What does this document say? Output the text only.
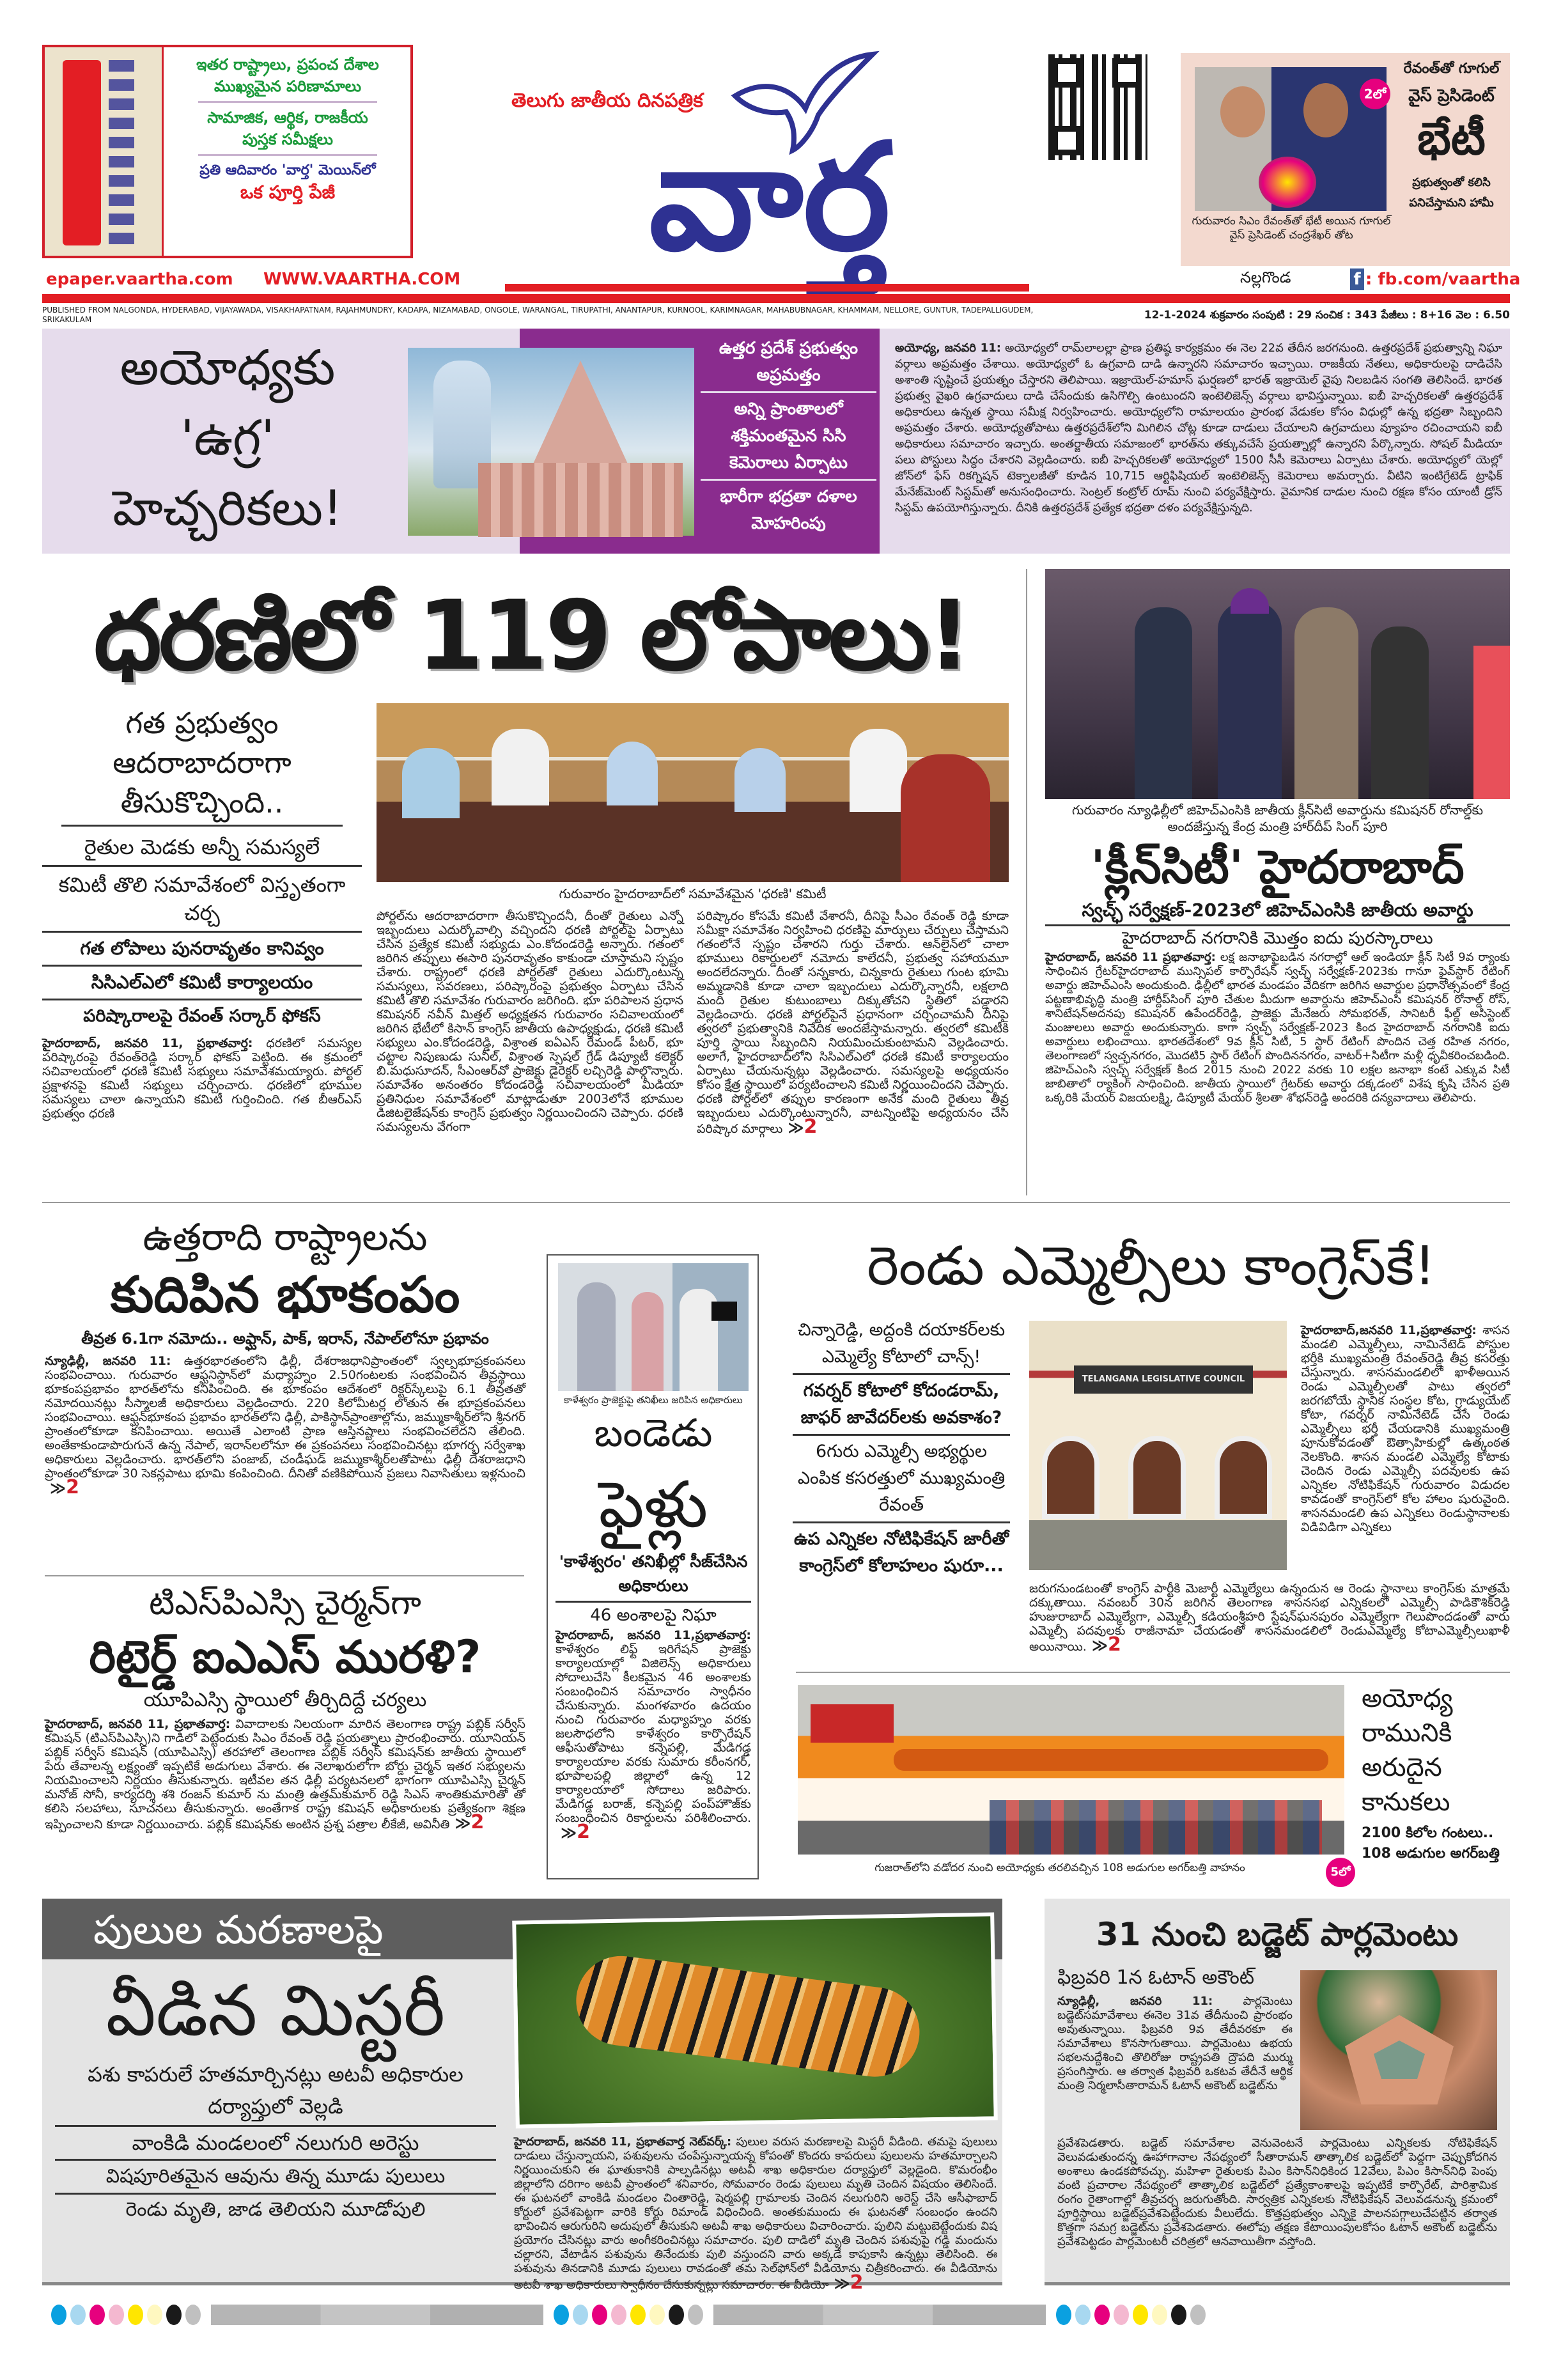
ఇతర రాష్ట్రాలు, ప్రపంచ దేశాల
ముఖ్యమైన పరిణామాలు
సామాజిక, ఆర్థిక, రాజకీయ
పుస్తక సమీక్షలు
ప్రతి ఆదివారం 'వార్త' మెయిన్‌లో
ఒక పూర్తి పేజీ
తెలుగు జాతీయ దినపత్రిక
వార్త
2లో
గురువారం సిఎం రేవంత్‌తో భేటీ అయిన గూగుల్ వైస్ ప్రెసిడెంట్ చంద్రశేఖర్ తోట
రేవంత్‌తో గూగుల్
వైస్ ప్రెసిడెంట్
భేటీ
ప్రభుత్వంతో కలిసి
పనిచేస్తామని హామీ
epaper.vaartha.com WWW.VAARTHA.COM	నల్లగొండ	f : fb.com/vaartha
PUBLISHED FROM NALGONDA, HYDERABAD, VIJAYAWADA, VISAKHAPATNAM, RAJAHMUNDRY, KADAPA, NIZAMABAD, ONGOLE, WARANGAL, TIRUPATHI, ANANTAPUR, KURNOOL, KARIMNAGAR, MAHABUBNAGAR, KHAMMAM, NELLORE, GUNTUR, TADEPALLIGUDEM, SRIKAKULAM	12-1-2024 శుక్రవారం సంపుటి : 29 సంచిక : 343 పేజీలు : 8+16 వెల : 6.50
అయోధ్యకు
'ఉగ్ర'
హెచ్చరికలు!
ఉత్తర ప్రదేశ్ ప్రభుత్వం అప్రమత్తం
అన్ని ప్రాంతాలలో శక్తిమంతమైన సిసి కెమెరాలు ఏర్పాటు
భారీగా భద్రతా దళాల మోహరింపు
అయోధ్య, జనవరి 11: అయోధ్యలో రామ్‌లాలల్లా ప్రాణ ప్రతిష్ఠ కార్యక్రమం ఈ నెల 22వ తేదీన జరగనుంది. ఉత్తరప్రదేశ్ ప్రభుత్వాన్ని నిఘా వర్గాలు అప్రమత్తం చేశాయి. అయోధ్యలో ఓ ఉగ్రవాది దాడి ఉన్నారని సమాచారం ఇచ్చాయి. రాజకీయ నేతలు, అధికారులపై దాడిచేసి అశాంతి సృష్టించే ప్రయత్నం చేస్తారని తెలిపాయి. ఇజ్రాయెల్-హమాస్ ఘర్షణలో భారత్ ఇజ్రాయెల్ వైపు నిలబడిన సంగతి తెలిసిందే. భారత ప్రభుత్వ వైఖరి ఉగ్రవాదులు దాడి చేసేందుకు ఉసిగొల్పి ఉంటుందని ఇంటెలిజెన్స్ వర్గాలు భావిస్తున్నాయి. ఐబీ హెచ్చరికలతో ఉత్తరప్రదేశ్ అధికారులు ఉన్నత స్థాయి సమీక్ష నిర్వహించారు. అయోధ్యలోని రామాలయం ప్రారంభ వేడుకల కోసం విధుల్లో ఉన్న భద్రతా సిబ్బందిని అప్రమత్తం చేశారు. అయోధ్యతోపాటు ఉత్తరప్రదేశ్‌లోని మిగిలిన చోట్ల కూడా దాడులు చేయాలని ఉగ్రవాదులు వ్యూహం రచించాయని ఐబీ అధికారులు సమాచారం ఇచ్చారు. అంతర్జాతీయ సమాజంలో భారత్‌ను తక్కువచేసే ప్రయత్నాల్లో ఉన్నారని పేర్కొన్నారు. సోషల్ మీడియా పలు పోస్టులు సిద్ధం చేశారని వెల్లడించారు. ఐబీ హెచ్చరికలతో అయోధ్యలో 1500 సీసీ కెమెరాలు ఏర్పాటు చేశారు. అయోధ్యలో యెల్లో జోన్‌లో ఫేస్ రికగ్నిషన్ టెక్నాలజీతో కూడిన 10,715 ఆర్టిఫిషియల్ ఇంటెలిజెన్స్ కెమెరాలు అమర్చారు. వీటిని ఇంటిగ్రేటెడ్ ట్రాఫిక్ మేనేజ్‌మెంట్ సిస్టమ్‌తో అనుసంధించారు. సెంట్రల్ కంట్రోల్ రూమ్ నుంచి పర్యవేక్షిస్తారు. వైమానిక దాడుల నుంచి రక్షణ కోసం యాంటీ డ్రోన్ సిస్టమ్ ఉపయోగిస్తున్నారు. దీనికి ఉత్తరప్రదేశ్ ప్రత్యేక భద్రతా దళం పర్యవేక్షిస్తున్నది.
ధరణిలో 119 లోపాలు!
గత ప్రభుత్వం ఆదరాబాదరాగా తీసుకొచ్చింది..
రైతుల మెడకు అన్నీ సమస్యలే
కమిటీ తొలి సమావేశంలో విస్తృతంగా చర్చ
గత లోపాలు పునరావృతం కానివ్వం
సిసిఎల్‌ఎలో కమిటీ కార్యాలయం
పరిష్కారాలపై రేవంత్ సర్కార్ ఫోకస్
హైదరాబాద్, జనవరి 11, ప్రభాతవార్త: ధరణిలో సమస్యల పరిష్కారంపై రేవంత్‌రెడ్డి సర్కార్ ఫోకస్ పెట్టింది. ఈ క్రమంలో సచివాలయంలో ధరణి కమిటీ సభ్యులు సమావేశమయ్యారు. పోర్టల్ ప్రక్షాళనపై కమిటీ సభ్యులు చర్చించారు. ధరణిలో భూముల సమస్యలు చాలా ఉన్నాయని కమిటీ గుర్తించింది. గత బీఆర్ఎస్ ప్రభుత్వం ధరణి
గురువారం హైదరాబాద్‌లో సమావేశమైన 'ధరణి' కమిటీ
పోర్టల్‌ను ఆదరాబాదరాగా తీసుకొచ్చిందనీ, దీంతో రైతులు ఎన్నో ఇబ్బందులు ఎదుర్కోవాల్సి వచ్చిందని ధరణి పోర్టల్‌పై ఏర్పాటు చేసిన ప్రత్యేక కమిటీ సభ్యుడు ఎం.కోదండరెడ్డి అన్నారు. గతంలో జరిగిన తప్పులు ఈసారి పునరావృతం కాకుండా చూస్తామని స్పష్టం చేశారు. రాష్ట్రంలో ధరణి పోర్టల్‌తో రైతులు ఎదుర్కొంటున్న సమస్యలు, సవరణలు, పరిష్కారంపై ప్రభుత్వం ఏర్పాటు చేసిన కమిటీ తొలి సమావేశం గురువారం జరిగింది. భూ పరిపాలన ప్రధాన కమిషనర్ నవీన్ మిత్తల్ అధ్యక్షతన గురువారం సచివాలయంలో జరిగిన భేటీలో కిసాన్ కాంగ్రెస్ జాతీయ ఉపాధ్యక్షుడు, ధరణి కమిటీ సభ్యులు ఎం.కోదండరెడ్డి, విశ్రాంత ఐఏఎస్ రేమండ్ పీటర్, భూ చట్టాల నిపుణుడు సునీల్, విశ్రాంత స్పెషల్ గ్రేడ్ డిప్యూటీ కలెక్టర్ బి.మధుసూదన్, సీఎంఆర్‌వో ప్రాజెక్టు డైరెక్టర్ లచ్చిరెడ్డి పాల్గొన్నారు. సమావేశం అనంతరం కోదండరెడ్డి సచివాలయంలో మీడియా ప్రతినిధుల సమావేశంలో మాట్లాడుతూ 2003లోనే భూముల డిజిటలైజేషన్‌కు కాంగ్రెస్ ప్రభుత్వం నిర్ణయించిందని చెప్పారు. ధరణి సమస్యలను వేగంగా
పరిష్కారం కోసమే కమిటీ వేశారనీ, దీనిపై సీఎం రేవంత్ రెడ్డి కూడా సమీక్షా సమావేశం నిర్వహించి ధరణిపై మార్పులు చేర్పులు చేస్తామని గతంలోనే స్పష్టం చేశారని గుర్తు చేశారు. ఆన్‌లైన్‌లో చాలా భూములు రికార్డులలో నమోదు కాలేదనీ, ప్రభుత్వ సహాయమూ అందలేదన్నారు. దీంతో సన్నకారు, చిన్నకారు రైతులు గుంట భూమి అమ్మడానికి కూడా చాలా ఇబ్బందులు ఎదుర్కొన్నారనీ, లక్షలాది మంది రైతుల కుటుంబాలు దిక్కుతోచని స్థితిలో పడ్డారని వెల్లడించారు. ధరణి పోర్టల్‌పైనే ప్రధానంగా చర్చించామనీ దీనిపై త్వరలో ప్రభుత్వానికి నివేదిక అందజేస్తామన్నారు. త్వరలో కమిటీకి పూర్తి స్థాయి సిబ్బందిని నియమించుకుంటామని వెల్లడించారు. అలాగే, హైదరాబాద్‌లోని సిసిఎల్‌ఎలో ధరణి కమిటీ కార్యాలయం ఏర్పాటు చేయనున్నట్లు వెల్లడించారు. సమస్యలపై అధ్యయనం కోసం క్షేత్ర స్థాయిలో పర్యటించాలని కమిటీ నిర్ణయించిందని చెప్పారు. ధరణి పోర్టల్‌లో తప్పుల కారణంగా అనేక మంది రైతులు తీవ్ర ఇబ్బందులు ఎదుర్కొంటున్నారనీ, వాటన్నింటిపై అధ్యయనం చేసి పరిష్కార మార్గాలు ≫2
గురువారం న్యూఢిల్లీలో జిహెచ్‌ఎంసికి జాతీయ క్లీన్‌సిటీ అవార్డును కమిషనర్ రోనాల్డ్‌కు అందజేస్తున్న కేంద్ర మంత్రి హార్‌దీప్ సింగ్ పూరి
'క్లీన్‌సిటీ' హైదరాబాద్
స్వచ్ఛ్ సర్వేక్షణ్-2023లో జిహెచ్‌ఎంసికి జాతీయ అవార్డు
హైదరాబాద్ నగరానికి మొత్తం ఐదు పురస్కారాలు
హైదరాబాద్, జనవరి 11 ప్రభాతవార్త: లక్ష జనాభాపైబడిన నగరాల్లో ఆల్ ఇండియా క్లీన్ సిటీ 9వ ర్యాంకు సాధించిన గ్రేటర్‌హైదరాబాద్ మున్సిపల్ కార్పొరేషన్ స్వచ్ఛ్ సర్వేక్షణ్-2023కు గానూ ఫైవ్‌స్టార్ రేటింగ్ అవార్డు జిహెచ్‌ఎంసి అందుకుంది. ఢిల్లీలో భారత మండపం వేదికగా జరిగిన అవార్డుల ప్రధానోత్సవంలో కేంద్ర పట్టణాభివృద్ధి మంత్రి హార్దీప్‌సింగ్ పూరి చేతుల మీదుగా అవార్డును జిహెచ్‌ఎంసి కమిషనర్ రోనాల్డ్ రోస్, శానిటేషన్‌అదనపు కమిషనర్ ఉపేందర్‌రెడ్డి, ప్రాజెక్టు మేనేజరు సోమభరత్, సానిటరీ ఫీల్డ్ అసిస్టెంట్ మంజులలు అవార్డు అందుకున్నారు. కాగా స్వచ్ఛ్ సర్వేక్షణ్-2023 కింద హైదరాబాద్ నగరానికి ఐదు అవార్డులు లభించాయి. భారతదేశంలో 9వ క్లీన్ సిటీ, 5 స్టార్ రేటింగ్ పొందిన చెత్త రహిత నగరం, తెలంగాణలో స్వచ్ఛనగరం, మొదటి5 స్టార్ రేటింగ్ పొందిననగరం, వాటర్+సిటీగా మళ్లీ ధృవీకరించబడింది. జిహెచ్‌ఎంసి స్వచ్ఛ్ సర్వేక్షణ్ కింద 2015 నుంచి 2022 వరకు 10 లక్షల జనాభా కంటే ఎక్కువ సిటీ జాబితాలో ర్యాకింగ్ సాధించింది. జాతీయ స్థాయిలో గ్రేటర్‌కు అవార్డు దక్కడంలో విశేష కృషి చేసిన ప్రతి ఒక్కరికి మేయర్ విజయలక్ష్మి, డిప్యూటీ మేయర్ శ్రీలతా శోభన్‌రెడ్డి అందరికి దన్యవాదాలు తెలిపారు.
ఉత్తరాది రాష్ట్రాలను
కుదిపిన భూకంపం
తీవ్రత 6.1గా నమోదు.. అఫ్ఘాన్, పాక్, ఇరాన్, నేపాల్‌లోనూ ప్రభావం
న్యూఢిల్లీ, జనవరి 11: ఉత్తరభారతంలోని ఢిల్లీ, దేశరాజధానిప్రాంతంలో స్వల్పభూప్రకంపనలు సంభవించాయి. గురువారం ఆఫ్ఘనిస్థాన్‌లో మధ్యాహ్నం 2.50గంటలకు సంభవించిన తీవ్రస్థాయి భూకంపప్రభావం భారత్‌లోను కనిపించింది. ఈ భూకంపం ఆదేశంలో రిక్టర్‌స్కేలుపై 6.1 తీవ్రతతో నమోదయినట్లు సీస్మాలజీ అధికారులు వెల్లడించారు. 220 కిలోమీటర్ల లోతున ఈ భూప్రకంపనలు సంభవించాయి. ఆఫ్ఘన్‌భూకంప ప్రభావం భారత్‌లోని ఢిల్లీ, పాకిస్థాన్‌ప్రాంతాల్లోను, జమ్ముకాశ్మీర్‌లోని శ్రీనగర్ ప్రాంతంలోకూడా కనిపించాయి. అయితే ఎలాంటి ప్రాణ ఆస్తినష్టాలు సంభవించలేదని తేలింది. అంతేకాకుండాపొరుగునే ఉన్న నేపాల్, ఇరాన్‌లలోనూ ఈ ప్రకంపనలు సంభవించినట్లు భూగర్భ సర్వేశాఖ అధికారులు వెల్లడించారు. భారత్‌లోని పంజాబ్, చండీఘడ్ జమ్ముకాశ్మీర్‌లతోపాటు ఢిల్లీ దేశరాజధాని ప్రాంతంలోకూడా 30 సెకన్లపాటు భూమి కంపించింది. దీనితో వణికిపోయిన ప్రజలు నివాసితులు ఇళ్లనుంచి≫2
టిఎస్‌పిఎస్సి చైర్మన్‌గా
రిటైర్డ్ ఐఎఎస్ మురళి?
యూపిఎస్సి స్థాయిలో తీర్చిదిద్దే చర్యలు
హైదరాబాద్, జనవరి 11, ప్రభాతవార్త: వివాదాలకు నిలయంగా మారిన తెలంగాణ రాష్ట్ర పబ్లిక్ సర్వీస్ కమిషన్ (టిఎస్‌పిఎస్సి)ని గాడిలో పెట్టేందుకు సిఎం రేవంత్ రెడ్డి ప్రయత్నాలు ప్రారంభించారు. యూనియన్ పబ్లిక్ సర్వీస్ కమిషన్ (యూపిఎస్సి) తరహాలో తెలంగాణ పబ్లిక్ సర్వీస్ కమిషన్‌కు జాతీయ స్థాయిలో పేరు తేవాలన్న లక్ష్యంతో ఇప్పటికే అడుగులు వేశారు. ఈ నెలాఖరులోగా బోర్డు చైర్మన్ ఇతర సభ్యులను నియమించాలని నిర్ణయం తీసుకున్నారు. ఇటీవల తన ఢిల్లీ పర్యటనలలో భాగంగా యూపిఎస్సి చైర్మన్ మనోజ్ సోనీ, కార్యదర్శి శశి రంజన్ కుమార్ ను మంత్రి ఉత్తమ్‌కుమార్ రెడ్డి సిఎస్ శాంతికుమారితో తో కలిసి సలహాలు, సూచనలు తీసుకున్నారు. అంతేగాక రాష్ట్ర కమిషన్ అధికారులకు ప్రత్యేకంగా శిక్షణ ఇప్పించాలని కూడా నిర్ణయించారు. పబ్లిక్ కమిషన్‌కు అంటిన ప్రశ్న పత్రాల లీకేజీ, అవినీతి ≫2
కాళేశ్వరం ప్రాజెక్టుపై తనిఖీలు జరిపిన అధికారులు
బండెడు
ఫైళ్లు
'కాళేశ్వరం' తనిఖీల్లో సీజ్‌చేసిన అధికారులు
46 అంశాలపై నిఘా
హైదరాబాద్, జనవరి 11,ప్రభాతవార్త: కాళేశ్వరం లిఫ్ట్ ఇరిగేషన్ ప్రాజెక్టు కార్యాలయాల్లో విజిలెన్స్ అధికారులు సోదాలుచేసి కీలకమైన 46 అంశాలకు సంబంధించిన సమాచారం స్వాధీనం చేసుకున్నారు. మంగళవారం ఉదయం నుంచి గురువారం మధ్యాహ్నం వరకు జలసౌధలోని కాళేశ్వరం కార్పొరేషన్ ఆఫీసుతోపాటు కన్నెపల్లి, మేడిగడ్డ కార్యాలయాల వరకు సుమారు కరీంనగర్, భూపాలపల్లి జిల్లాలో ఉన్న 12 కార్యాలయాలో సోదాలు జరిపారు. మేడిగడ్డ బరాజ్, కన్నెపల్లి పంప్‌హౌజ్‌కు సంబంధించిన రికార్డులను పరిశీలించారు.≫2
రెండు ఎమ్మెల్సీలు కాంగ్రెస్‌కే!
చిన్నారెడ్డి, అద్దంకి దయాకర్‌లకు ఎమ్మెల్యే కోటాలో చాన్స్!
గవర్నర్ కోటాలో కోదండరామ్, జాఫర్ జావేదర్‌లకు అవకాశం?
6గురు ఎమ్మెల్సీ అభ్యర్థుల ఎంపిక కసరత్తులో ముఖ్యమంత్రి రేవంత్
ఉప ఎన్నికల నోటిఫికేషన్ జారీతో కాంగ్రెస్‌లో కోలాహలం షురూ...
TELANGANA LEGISLATIVE COUNCIL
హైదరాబాద్,జనవరి 11,ప్రభాతవార్త: శాసన మండలి ఎమ్మెల్సీలు, నామినేటెడ్ పోస్టుల భర్తీకి ముఖ్యమంత్రి రేవంత్‌రెడ్డి తీవ్ర కసరత్తు చేస్తున్నారు. శాసనమండలిలో ఖాళీఅయిన రెండు ఎమ్మెల్సీలతో పాటు త్వరలో జరగబోయే స్థానిక సంస్థల కోట, గ్రాడ్యుయేట్ కోటా, గవర్నర్ నామినేటెడ్ చేసే రెండు ఎమ్మెల్సీలు భర్తీ చేయడానికి ముఖ్యమంత్రి పూనుకోవడంతో ఔత్సాహికుల్లో ఉత్కంఠత నెలకొంది. శాసన మండలి ఎమ్మెల్యే కోటాకు చెందిన రెండు ఎమ్మెల్సీ పదవులకు ఉప ఎన్నికల నోటిఫికేషన్ గురువారం విడుదల కావడంతో కాంగ్రెస్‌లో కోల హాలం షురువైంది. శాసనమండలి ఉప ఎన్నికలు రెండుస్థానాలకు విడివిడిగా ఎన్నికలు
జరుగనుండటంతో కాంగ్రెస్ పార్టీకి మెజార్టీ ఎమ్మెల్యేలు ఉన్నందున ఆ రెండు స్థానాలు కాంగ్రెస్‌కు మాత్రమే దక్కుతాయి. నవంబర్ 30న జరిగిన తెలంగాణ శాసనసభ ఎన్నికలలో ఎమ్మెల్సీ పాడికౌశిక్‌రెడ్డి హుజురాబాద్ ఎమ్మెల్యేగా, ఎమ్మెల్సీ కడియంశ్రీహరి స్టేషన్‌ఘనపురం ఎమ్మెల్యేగా గెలుపొందడంతో వారు ఎమ్మెల్సీ పదవులకు రాజీనామా చేయడంతో శాసనమండలిలో రెండుఎమ్మెల్యే కోటాఎమ్మెల్సీలుఖాళీ అయినాయి. ≫2
గుజరాత్‌లోని వడోదర నుంచి అయోధ్యకు తరలివచ్చిన 108 అడుగుల అగర్‌బత్తి వాహనం	5లో
అయోధ్య రామునికి అరుదైన కానుకలు
2100 కిలోల గంటలు.. 108 అడుగుల అగర్‌బత్తి
పులుల మరణాలపై
వీడిన మిస్టరీ
పశు కాపరులే హతమార్చినట్లు అటవీ అధికారుల దర్యాప్తులో వెల్లడి
వాంకిడి మండలంలో నలుగురి అరెస్టు
విషపూరితమైన ఆవును తిన్న మూడు పులులు
రెండు మృతి, జాడ తెలియని మూడోపులి
హైదరాబాద్, జనవరి 11, ప్రభాతవార్త నెట్‌వర్క్: పులుల వరుస మరణాలపై మిస్టరీ వీడింది. తమపై పులులు దాడులు చేస్తున్నాయని, పశువులను చంపేస్తున్నాయన్న కోపంతో కొందరు కాపరులు పులులను హతమార్చాలని నిర్ణయించుకుని ఈ ఘాతుకానికి పాల్పడినట్లు అటవీ శాఖ అధికారుల దర్యాప్తులో వెల్లడైంది. కొమరంభీం జిల్లాలోని దరిగాం అటవీ ప్రాంతంలో శనివారం, సోమవారం రెండు పులులు మృతి చెందిన విషయం తెలిసిందే. ఈ ఘటనలో వాంకిడి మండలం చింతారెడ్డి, షెర్మపల్లి గ్రామాలకు చెందిన నలుగురిని అరెస్ట్ చేసి ఆసీఫాబాద్ కోర్టులో ప్రవేశపెట్టగా వారికి కోర్టు రిమాండ్ విధించింది. అంతకుముందు ఈ ఘటనతో సంబంధం ఉందని భావించిన ఆరుగురిని అదుపులో తీసుకుని అటవీ శాఖ అధికారులు విచారించారు. పులిని మట్టుబెట్టేందుకు విష ప్రయోగం చేసినట్లు వారు అంగీకరించినట్లు సమాచారం. పులి దాడిలో మృతి చెందిన పశువుపై గడ్డి మందును చల్లారని, వేటాడిన పశువును తినేందుకు పులి వస్తుందని వారు అక్కడే కాపుకాసి ఉన్నట్లు తెలిసింది. ఈ పశువును తినడానికి మూడు పులులు రావడంతో తమ సెల్‌ఫోన్‌లో వీడియోను చిత్రీకరించారు. ఈ వీడియోను అటవీ శాఖ అధికారులు స్వాధీనం చేసుకున్నట్లు సమాచారం. ఈ వీడియో ≫2
31 నుంచి బడ్జెట్ పార్లమెంటు
ఫిబ్రవరి 1న ఓటాన్ అకౌంట్
న్యూఢిల్లీ, జనవరి 11:	పార్లమెంటు బడ్జెట్‌సమావేశాలు ఈనెల 31వ తేదీనుంచి ప్రారంభం అవుతున్నాయి. ఫిబ్రవరి 9వ తేదీవరకూ ఈ సమావేశాలు కొనసాగుతాయి. పార్లమెంటు ఉభయ సభలనుద్దేశించి తొలిరోజు రాష్ట్రపతి ద్రౌపది ముర్ము ప్రసంగిస్తారు. ఆ తర్వాత ఫిబ్రవరి ఒకటవ తేదీనే ఆర్థిక మంత్రి నిర్మలాసీతారామన్ ఓటాన్ అకౌంట్ బడ్జెట్‌ను
ప్రవేశపెడతారు. బడ్జెట్ సమావేశాల వెనువెంటనే పార్లమెంటు ఎన్నికలకు నోటిఫికేషన్ వెలువడుతుందన్న ఊహాగానాల నేపథ్యంలో సీతారామన్ తాత్కాలిక బడ్జెట్‌లో పెద్దగా చెప్పుకోదగిన అంశాలు ఉండకపోవచ్చు. మహిళా రైతులకు పిఎం కిసాన్‌నిధికింద 12వేలు, పిఎం కిసాన్‌నిధి పెంపు వంటి ప్రచారాల నేపథ్యంలో తాత్కాలిక బడ్జెట్‌లో ప్రత్యేకాంశాలపై ఇప్పటికే కార్పొరేట్, పారిశ్రామిక రంగం రైతాంగాల్లో తీవ్రచర్చ జరుగుతోంది. సార్వత్రిక ఎన్నికలకు నోటిఫికేషన్ వెలువడనున్న క్రమంలో పూర్తిస్థాయి బడ్జెట్‌ప్రవేశపెట్టేందుకు వీలులేదు. కొత్తప్రభుత్వం ఎన్నికై పాలనపగ్గాలుచేపట్టిన తర్వాత కొత్తగా సమగ్ర బడ్జెట్‌ను ప్రవేశపెడతారు. ఈలోపు తక్షణ కేటాయింపులకోసం ఓటాన్ అకౌంట్ బడ్జెట్‌ను ప్రవేశపెట్టడం పార్లమెంటరీ చరిత్రలో ఆనవాయితీగా వస్తోంది.
